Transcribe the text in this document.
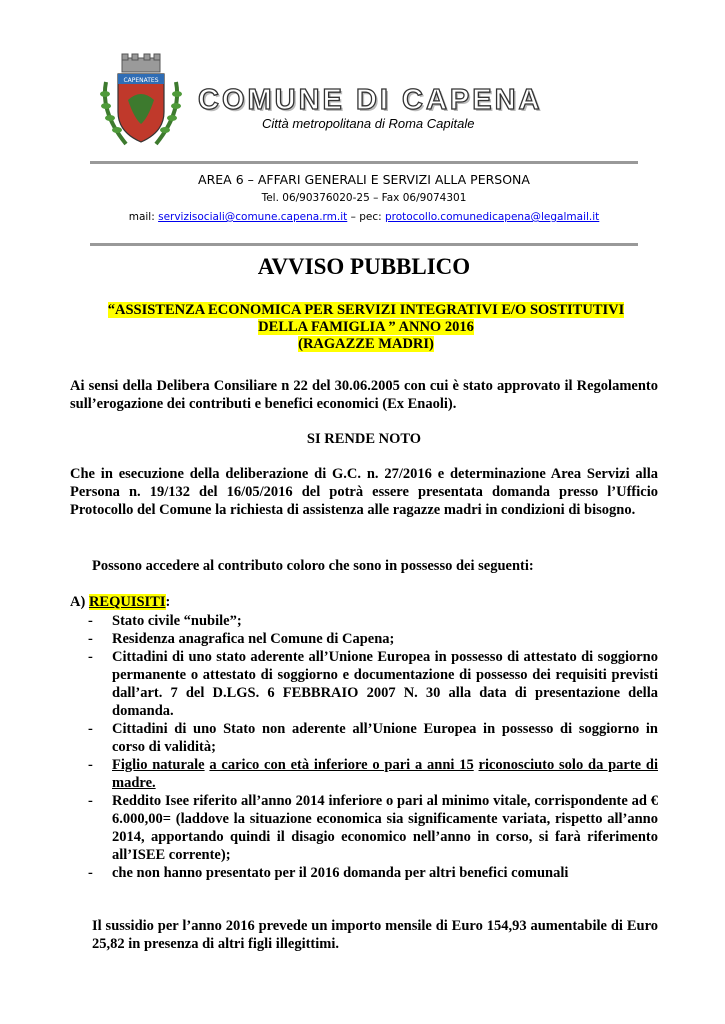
CAPENATES
COMUNE DI CAPENA
Città metropolitana di Roma Capitale
AREA 6 – AFFARI GENERALI E SERVIZI ALLA PERSONA
Tel. 06/90376020-25 – Fax 06/9074301
mail: servizisociali@comune.capena.rm.it – pec: protocollo.comunedicapena@legalmail.it
AVVISO PUBBLICO
“ASSISTENZA ECONOMICA PER SERVIZI INTEGRATIVI E/O SOSTITUTIVI
DELLA FAMIGLIA ” ANNO 2016
(RAGAZZE MADRI)
Ai sensi della Delibera Consiliare n 22 del 30.06.2005 con cui è stato approvato il Regolamento sull’erogazione dei contributi e benefici economici (Ex Enaoli).
SI RENDE NOTO
Che in esecuzione della deliberazione di G.C. n. 27/2016 e determinazione Area Servizi alla Persona n. 19/132 del 16/05/2016 del potrà essere presentata domanda presso l’Ufficio Protocollo del Comune la richiesta di assistenza alle ragazze madri in condizioni di bisogno.
Possono accedere al contributo coloro che sono in possesso dei seguenti:
A) REQUISITI:
- Stato civile “nubile”;
- Residenza anagrafica nel Comune di Capena;
- Cittadini di uno stato aderente all’Unione Europea in possesso di attestato di soggiorno permanente o attestato di soggiorno e documentazione di possesso dei requisiti previsti dall’art. 7 del D.LGS. 6 FEBBRAIO 2007 N. 30 alla data di presentazione della domanda.
- Cittadini di uno Stato non aderente all’Unione Europea in possesso di soggiorno in corso di validità;
- Figlio naturale a carico con età inferiore o pari a anni 15 riconosciuto solo da parte di madre.
- Reddito Isee riferito all’anno 2014 inferiore o pari al minimo vitale, corrispondente ad € 6.000,00= (laddove la situazione economica sia significamente variata, rispetto all’anno 2014, apportando quindi il disagio economico nell’anno in corso, si farà riferimento all’ISEE corrente);
- che non hanno presentato per il 2016 domanda per altri benefici comunali
Il sussidio per l’anno 2016 prevede un importo mensile di Euro 154,93 aumentabile di Euro 25,82 in presenza di altri figli illegittimi.
